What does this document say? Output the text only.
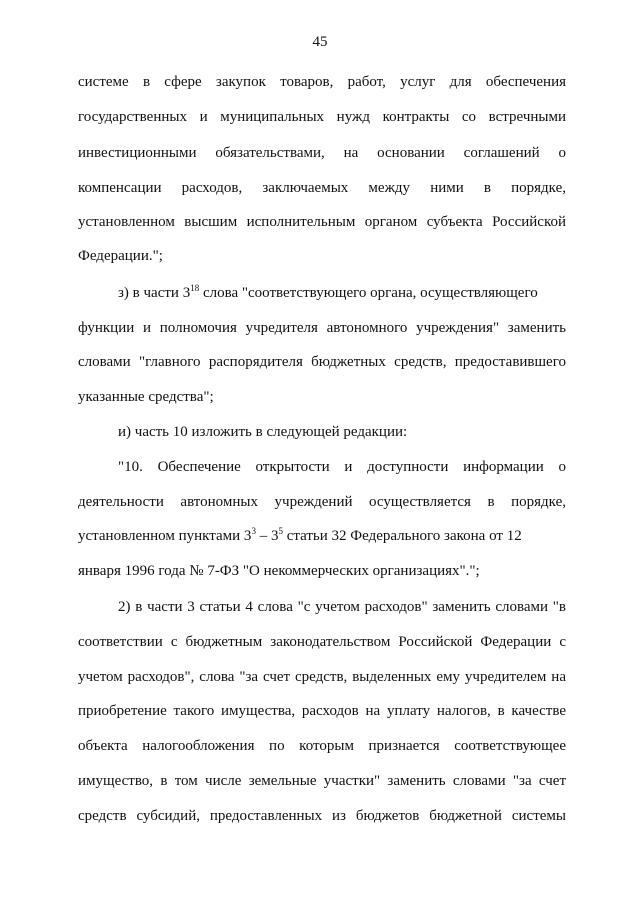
45
системе в сфере закупок товаров, работ, услуг для обеспечения
государственных и муниципальных нужд контракты со встречными
инвестиционными обязательствами, на основании соглашений о
компенсации расходов, заключаемых между ними в порядке,
установленном высшим исполнительным органом субъекта Российской
Федерации.";
з) в части $3^{18}$ слова "соответствующего органа, осуществляющего
функции и полномочия учредителя автономного учреждения" заменить
словами "главного распорядителя бюджетных средств, предоставившего
указанные средства";
и) часть 10 изложить в следующей редакции:
"10. Обеспечение открытости и доступности информации о
деятельности автономных учреждений осуществляется в порядке,
установленном пунктами $3^3 - 3^5$ статьи 32 Федерального закона от 12
января 1996 года № 7-ФЗ "О некоммерческих организациях".";
2) в части 3 статьи 4 слова "с учетом расходов" заменить словами "в
соответствии с бюджетным законодательством Российской Федерации с
учетом расходов", слова "за счет средств, выделенных ему учредителем на
приобретение такого имущества, расходов на уплату налогов, в качестве
объекта налогообложения по которым признается соответствующее
имущество, в том числе земельные участки" заменить словами "за счет
средств субсидий, предоставленных из бюджетов бюджетной системы
